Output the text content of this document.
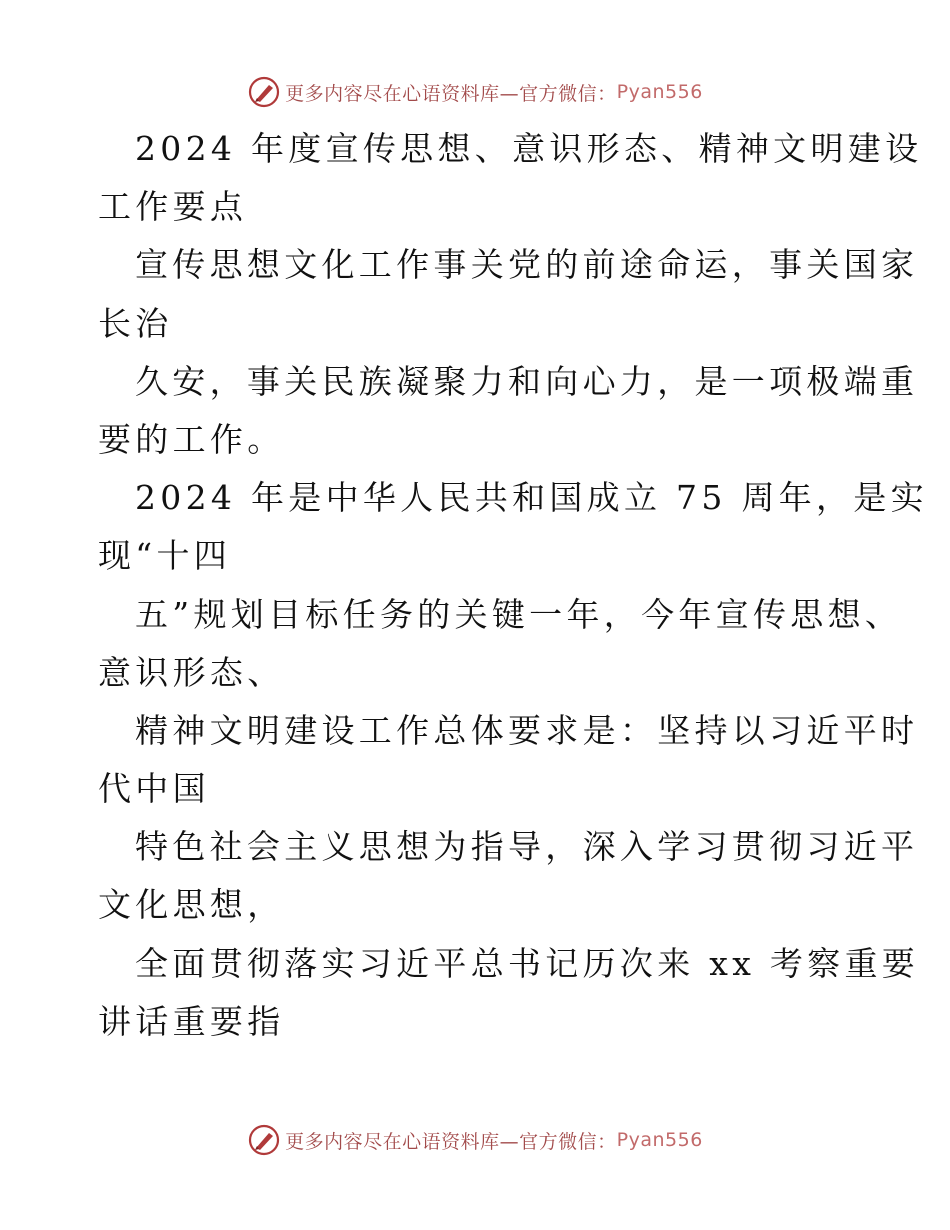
更多内容尽在心语资料库—官方微信： Pyan556
2024 年度宣传思想、意识形态、精神文明建设
工作要点
宣传思想文化工作事关党的前途命运，事关国家
长治
久安，事关民族凝聚力和向心力，是一项极端重
要的工作。
2024 年是中华人民共和国成立 75 周年，是实
现“十四
五”规划目标任务的关键一年，今年宣传思想、
意识形态、
精神文明建设工作总体要求是：坚持以习近平时
代中国
特色社会主义思想为指导，深入学习贯彻习近平
文化思想，
全面贯彻落实习近平总书记历次来 xx 考察重要
讲话重要指
更多内容尽在心语资料库—官方微信： Pyan556
